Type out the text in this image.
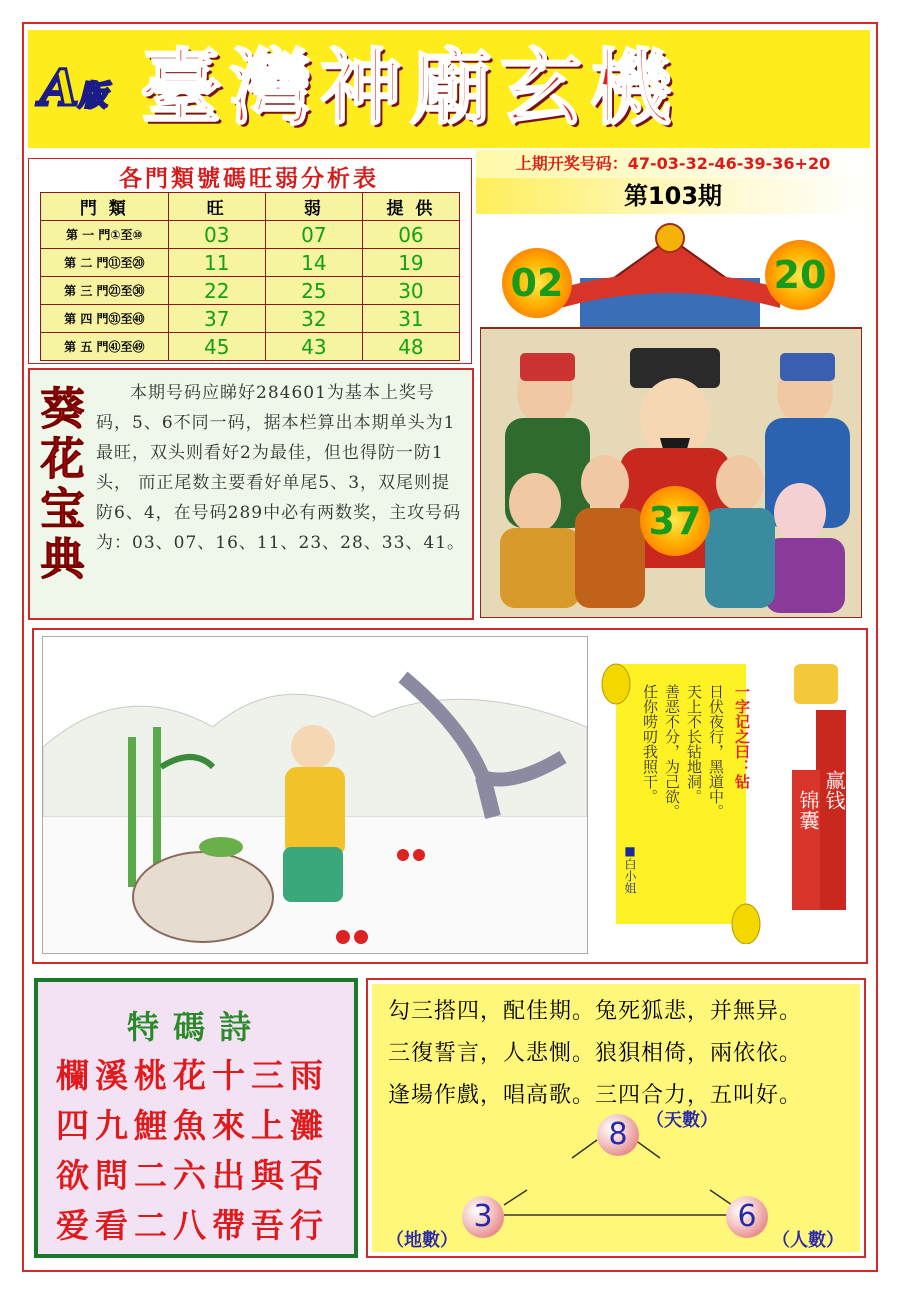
A版 臺灣神廟玄機
各門類號碼旺弱分析表
門 類	旺	弱	提 供
第 一 門①至⑩	03	07	06
第 二 門⑪至⑳	11	14	19
第 三 門㉑至㉚	22	25	30
第 四 門㉛至㊵	37	32	31
第 五 門㊶至㊾	45	43	48
上期开奖号码：47-03-32-46-39-36+20
第103期
02	20
37
葵花宝典
本期号码应睇好284601为基本上奖号码，5、6不同一码，据本栏算出本期单头为1最旺，双头则看好2为最佳，但也得防一防1头， 而正尾数主要看好单尾5、3，双尾则提防6、4，在号码289中必有两数奖，主攻号码为：03、07、16、11、23、28、33、41。
一字记之曰：钻
日伏夜行，黑道中。
天上不长钻地洞。
善恶不分，为己欲。
任你唠叨我照干。
■白小姐
赢钱
锦囊
特碼詩
欄溪桃花十三雨
四九鯉魚來上灘
欲問二六出與否
爱看二八帶吾行
勾三搭四，配佳期。兔死狐悲，并無异。
三復誓言，人悲惻。狼狽相倚，兩依依。
逢場作戲，唱高歌。三四合力，五叫好。
8	（天數）
3
（地數）
6
（人數）
